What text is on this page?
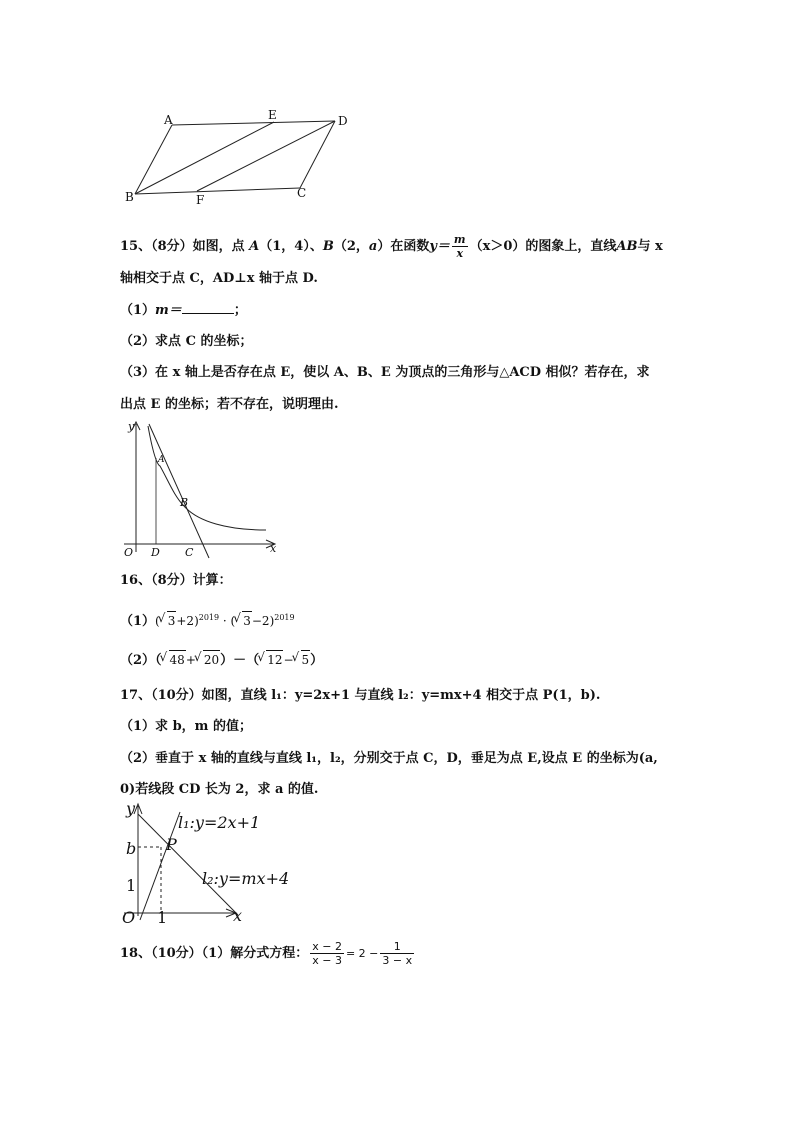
A	E	D
B	F	C
15、（8分）如图，点 A（1，4）、B（2，a）在函数$y= \frac{m}{x} (x>0)$的图象上，直线AB与 x
轴相交于点 C，AD⊥x 轴于点 D.
（1）m＝	；
（2）求点 C 的坐标；
（3）在 x 轴上是否存在点 E，使以 A、B、E 为顶点的三角形与△ACD 相似？若存在，求
出点 E 的坐标；若不存在，说明理由.
y
A
B
O D C	x
16、（8分）计算：
（1）( √ 3+2)$^{2019}$ · ( √ 3−2)$^{2019}$
（2）（ √ 48+ √ 20）－（ √ 12− √ 5）
17、（10分）如图，直线 l₁：y=2x+1 与直线 l₂：y=mx+4 相交于点 P(1，b).
（1）求 b，m 的值；
（2）垂直于 x 轴的直线与直线 l₁，l₂，分别交于点 C，D，垂足为点 E,设点 E 的坐标为(a,
0)若线段 CD 长为 2，求 a 的值.
y
l₁:y=2x+1
P
b
1	l₂:y=mx+4
O 1	x
18、（10分）（1）解分式方程： $\frac{x - 2}{x - 3} = 2 - \frac{1}{3 - x}$
